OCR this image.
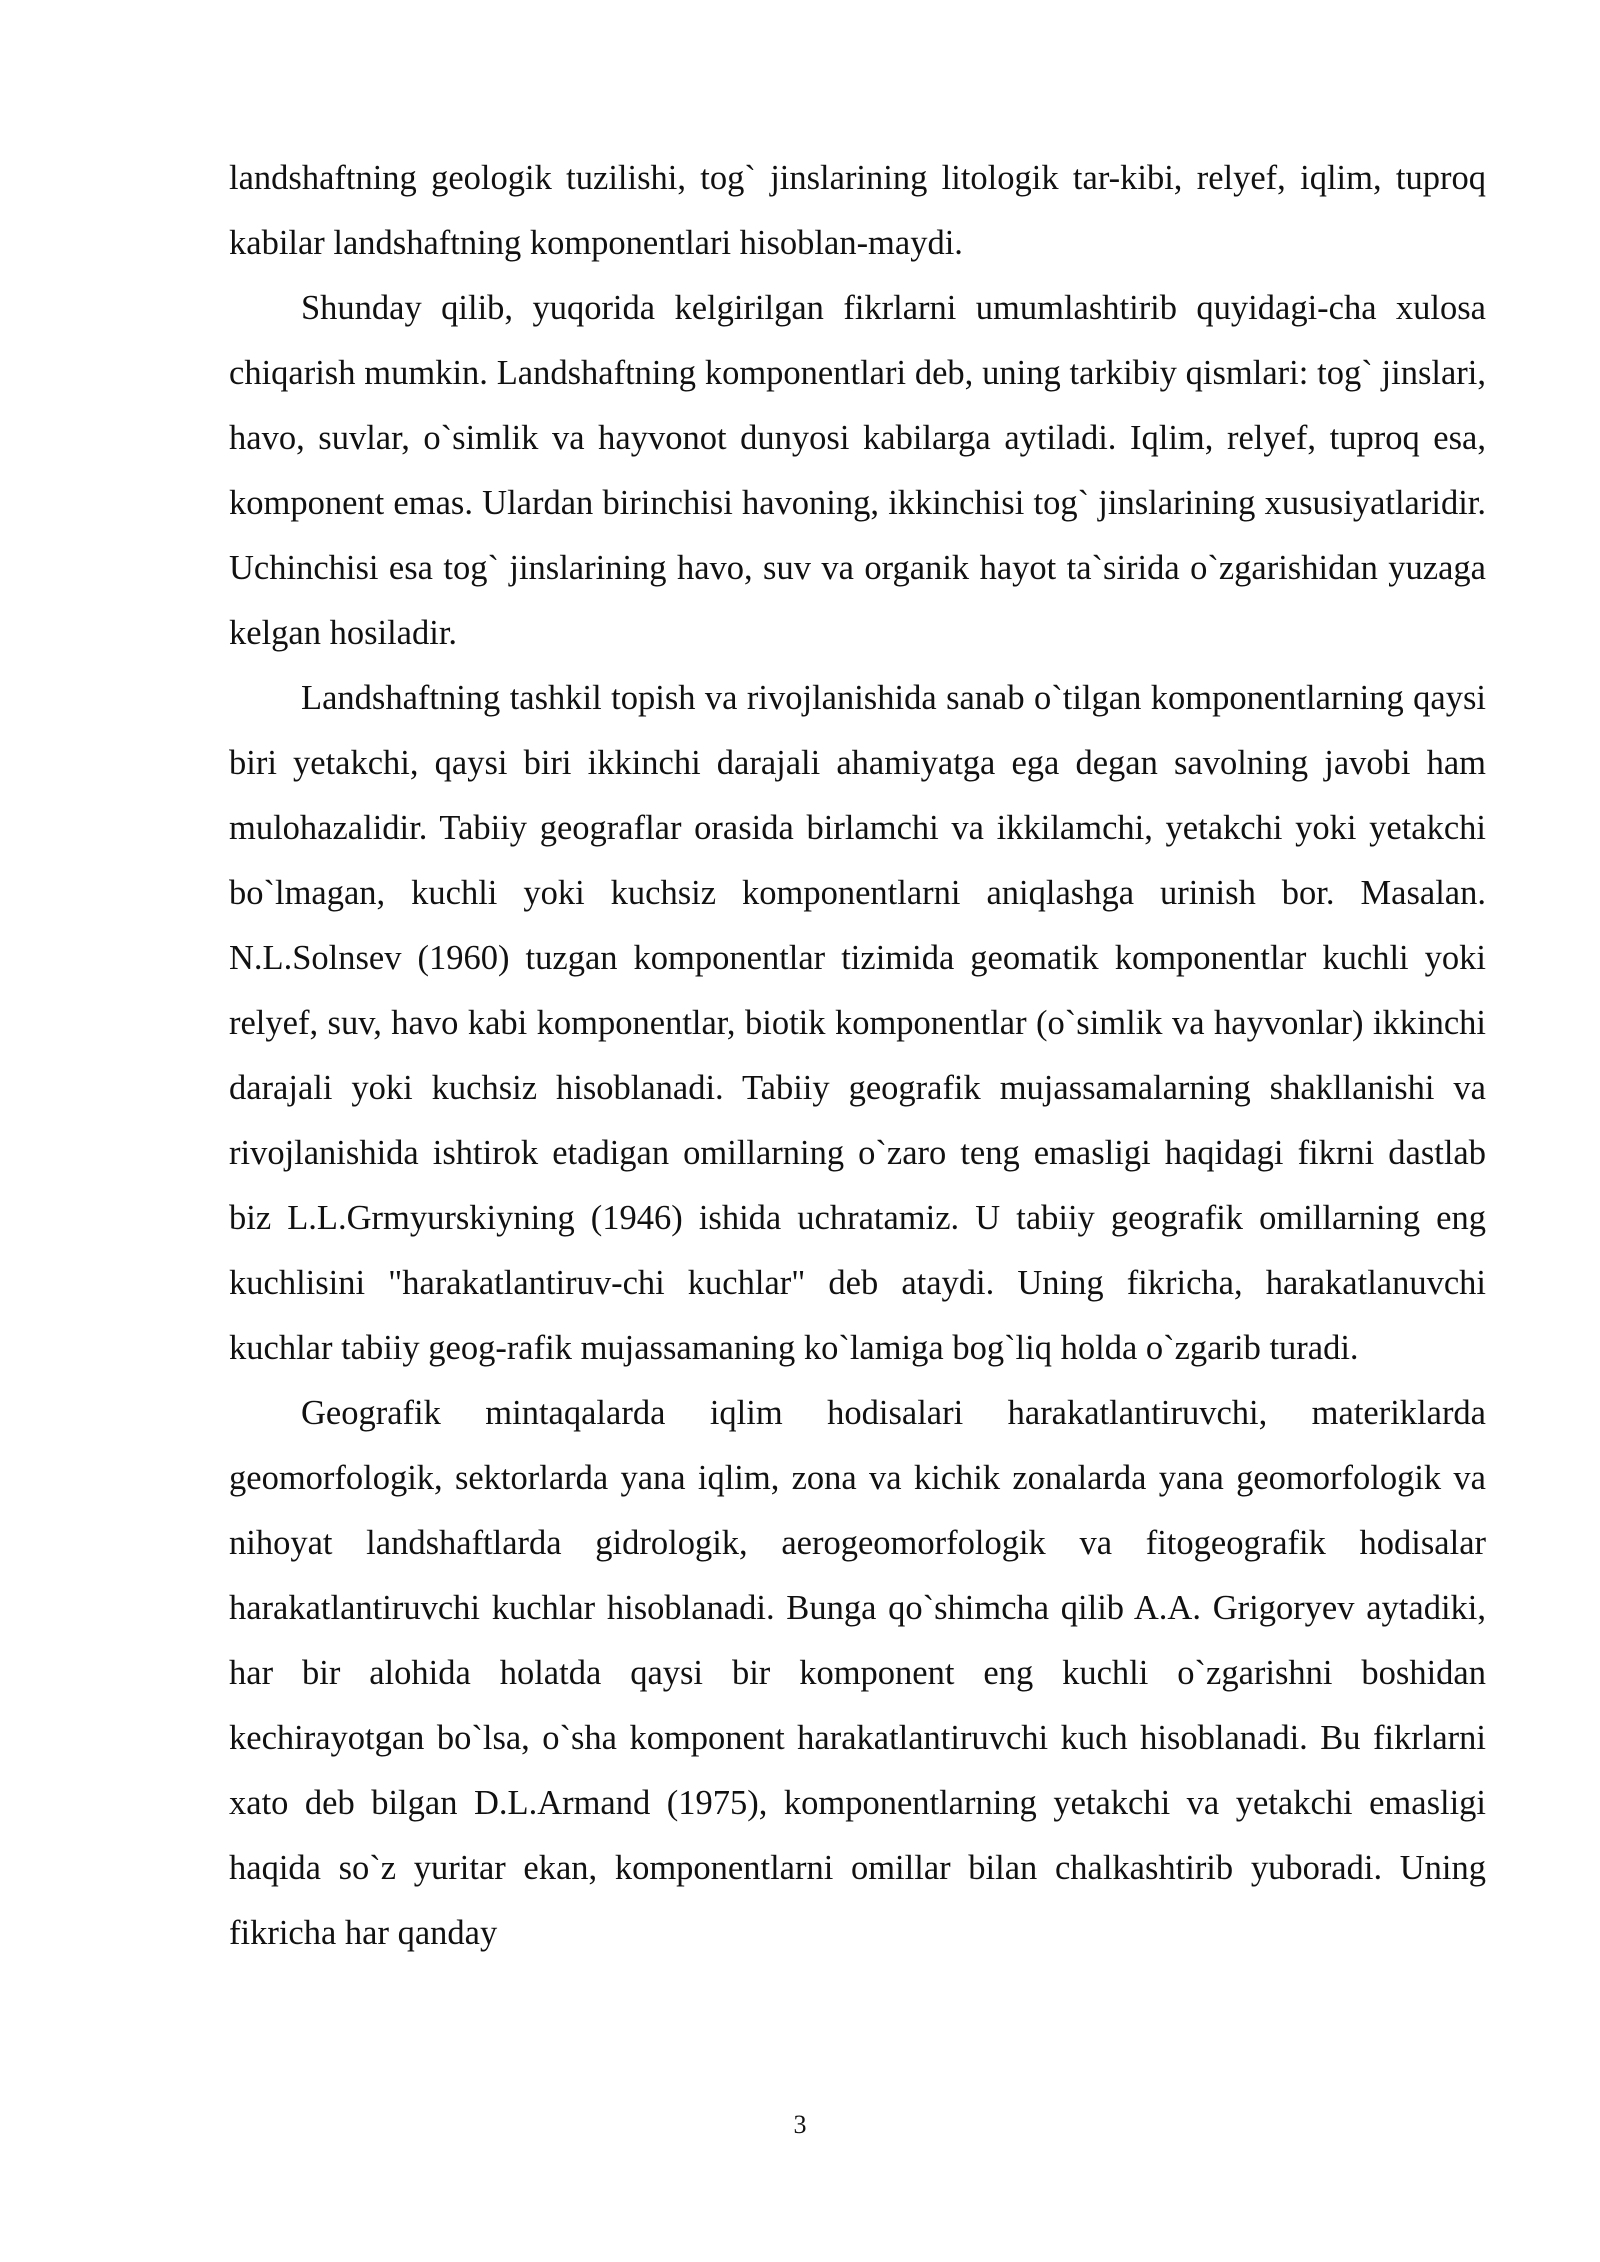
landshaftning geologik tuzilishi, tog` jinslarining litologik tar-kibi, relyef, iqlim, tuproq kabilar landshaftning komponentlari hisoblan-maydi.

Shunday qilib, yuqorida kelgirilgan fikrlarni umumlashtirib quyidagi-cha xulosa chiqarish mumkin. Landshaftning komponentlari deb, uning tarkibiy qismlari: tog` jinslari, havo, suvlar, o`simlik va hayvonot dunyosi kabilarga aytiladi. Iqlim, relyef, tuproq esa, komponent emas. Ulardan birinchisi havoning, ikkinchisi tog` jinslarining xususiyatlaridir. Uchinchisi esa tog` jinslarining havo, suv va organik hayot ta`sirida o`zgarishidan yuzaga kelgan hosiladir.

Landshaftning tashkil topish va rivojlanishida sanab o`tilgan komponentlarning qaysi biri yetakchi, qaysi biri ikkinchi darajali ahamiyatga ega degan savolning javobi ham mulohazalidir. Tabiiy geograflar orasida birlamchi va ikkilamchi, yetakchi yoki yetakchi bo`lmagan, kuchli yoki kuchsiz komponentlarni aniqlashga urinish bor. Masalan. N.L.Solnsev (1960) tuzgan komponentlar tizimida geomatik komponentlar kuchli yoki relyef, suv, havo kabi komponentlar, biotik komponentlar (o`simlik va hayvonlar) ikkinchi darajali yoki kuchsiz hisoblanadi. Tabiiy geografik mujassamalarning shakllanishi va rivojlanishida ishtirok etadigan omillarning o`zaro teng emasligi haqidagi fikrni dastlab biz L.L.Grmyurskiyning (1946) ishida uchratamiz. U tabiiy geografik omillarning eng kuchlisini "harakatlantiruv-chi kuchlar" deb ataydi. Uning fikricha, harakatlanuvchi kuchlar tabiiy geog-rafik mujassamaning ko`lamiga bog`liq holda o`zgarib turadi.

Geografik mintaqalarda iqlim hodisalari harakatlantiruvchi, materiklarda geomorfologik, sektorlarda yana iqlim, zona va kichik zonalarda yana geomorfologik va nihoyat landshaftlarda gidrologik, aerogeomorfologik va fitogeografik hodisalar harakatlantiruvchi kuchlar hisoblanadi. Bunga qo`shimcha qilib A.A. Grigoryev aytadiki, har bir alohida holatda qaysi bir komponent eng kuchli o`zgarishni boshidan kechirayotgan bo`lsa, o`sha komponent harakatlantiruvchi kuch hisoblanadi. Bu fikrlarni xato deb bilgan D.L.Armand (1975), komponentlarning yetakchi va yetakchi emasligi haqida so`z yuritar ekan, komponentlarni omillar bilan chalkashtirib yuboradi. Uning fikricha har qanday

3
